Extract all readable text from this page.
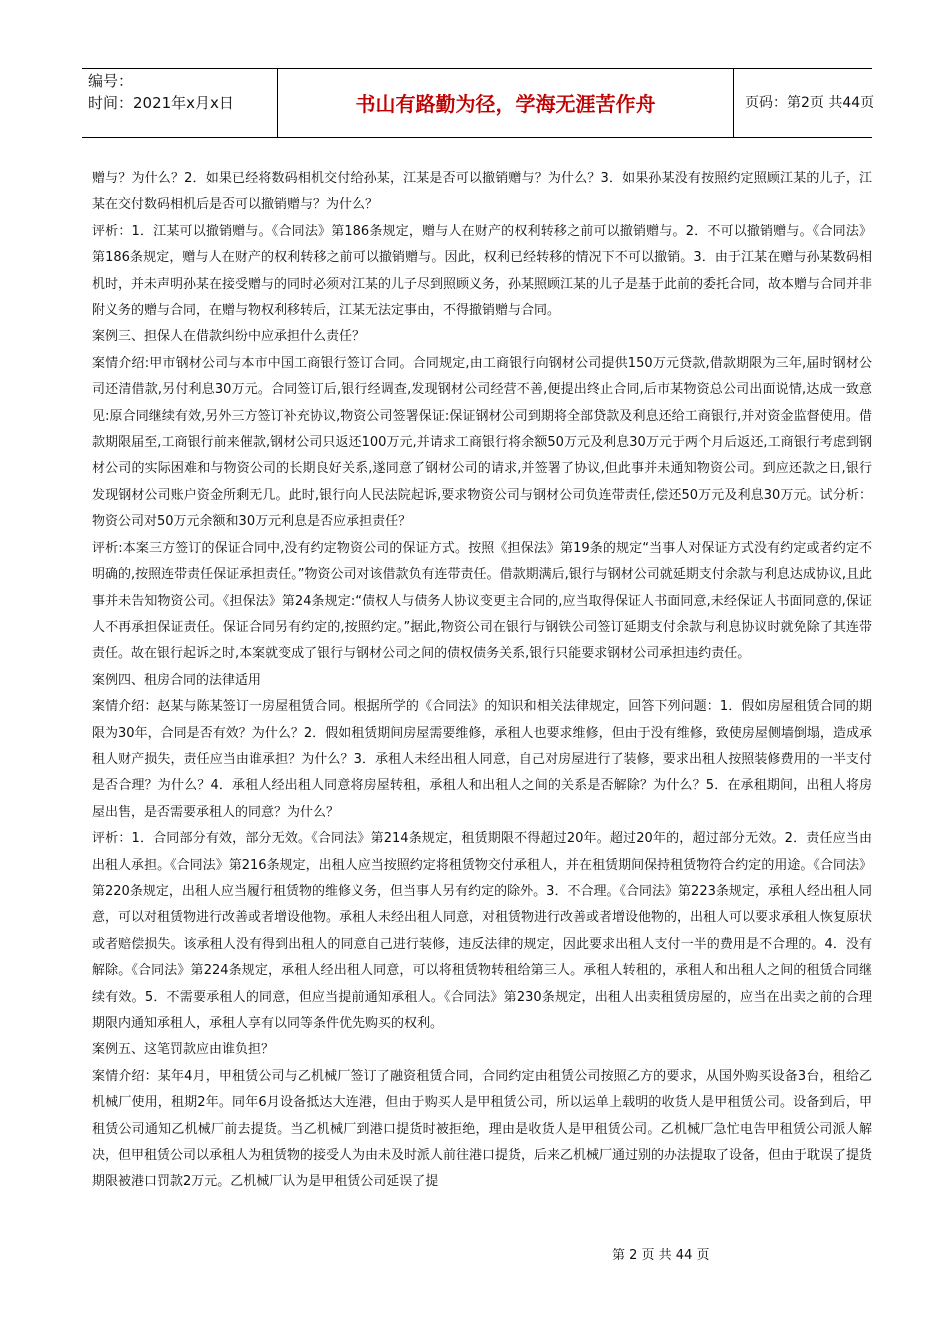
编号：
时间：2021年x月x日	书山有路勤为径，学海无涯苦作舟	页码：第2页 共44页

赠与？为什么？2．如果已经将数码相机交付给孙某，江某是否可以撤销赠与？为什么？3．如果孙某没有按照约定照顾江某的儿子，江某在交付数码相机后是否可以撤销赠与？为什么？

评析：1．江某可以撤销赠与。《合同法》第186条规定，赠与人在财产的权利转移之前可以撤销赠与。2．不可以撤销赠与。《合同法》第186条规定，赠与人在财产的权利转移之前可以撤销赠与。因此，权利已经转移的情况下不可以撤销。3．由于江某在赠与孙某数码相机时，并未声明孙某在接受赠与的同时必须对江某的儿子尽到照顾义务，孙某照顾江某的儿子是基于此前的委托合同，故本赠与合同并非附义务的赠与合同，在赠与物权利移转后，江某无法定事由，不得撤销赠与合同。

案例三、担保人在借款纠纷中应承担什么责任？

案情介绍:甲市钢材公司与本市中国工商银行签订合同。合同规定,由工商银行向钢材公司提供150万元贷款,借款期限为三年,届时钢材公司还清借款,另付利息30万元。合同签订后,银行经调查,发现钢材公司经营不善,便提出终止合同,后市某物资总公司出面说情,达成一致意见:原合同继续有效,另外三方签订补充协议,物资公司签署保证:保证钢材公司到期将全部贷款及利息还给工商银行,并对资金监督使用。借款期限届至,工商银行前来催款,钢材公司只返还100万元,并请求工商银行将余额50万元及利息30万元于两个月后返还,工商银行考虑到钢材公司的实际困难和与物资公司的长期良好关系,遂同意了钢材公司的请求,并签署了协议,但此事并未通知物资公司。到应还款之日,银行发现钢材公司账户资金所剩无几。此时,银行向人民法院起诉,要求物资公司与钢材公司负连带责任,偿还50万元及利息30万元。试分析：物资公司对50万元余额和30万元利息是否应承担责任？

评析:本案三方签订的保证合同中,没有约定物资公司的保证方式。按照《担保法》第19条的规定“当事人对保证方式没有约定或者约定不明确的,按照连带责任保证承担责任。”物资公司对该借款负有连带责任。借款期满后,银行与钢材公司就延期支付余款与利息达成协议,且此事并未告知物资公司。《担保法》第24条规定:“债权人与债务人协议变更主合同的,应当取得保证人书面同意,未经保证人书面同意的,保证人不再承担保证责任。保证合同另有约定的,按照约定。”据此,物资公司在银行与钢铁公司签订延期支付余款与利息协议时就免除了其连带责任。故在银行起诉之时,本案就变成了银行与钢材公司之间的债权债务关系,银行只能要求钢材公司承担违约责任。

案例四、租房合同的法律适用

案情介绍：赵某与陈某签订一房屋租赁合同。根据所学的《合同法》的知识和相关法律规定，回答下列问题：1．假如房屋租赁合同的期限为30年，合同是否有效？为什么？2．假如租赁期间房屋需要维修，承租人也要求维修，但由于没有维修，致使房屋侧墙倒塌，造成承租人财产损失，责任应当由谁承担？为什么？3．承租人未经出租人同意，自己对房屋进行了装修，要求出租人按照装修费用的一半支付是否合理？为什么？4．承租人经出租人同意将房屋转租，承租人和出租人之间的关系是否解除？为什么？5．在承租期间，出租人将房屋出售，是否需要承租人的同意？为什么？

评析：1．合同部分有效，部分无效。《合同法》第214条规定，租赁期限不得超过20年。超过20年的，超过部分无效。2．责任应当由出租人承担。《合同法》第216条规定，出租人应当按照约定将租赁物交付承租人，并在租赁期间保持租赁物符合约定的用途。《合同法》第220条规定，出租人应当履行租赁物的维修义务，但当事人另有约定的除外。3．不合理。《合同法》第223条规定，承租人经出租人同意，可以对租赁物进行改善或者增设他物。承租人未经出租人同意，对租赁物进行改善或者增设他物的，出租人可以要求承租人恢复原状或者赔偿损失。该承租人没有得到出租人的同意自己进行装修，违反法律的规定，因此要求出租人支付一半的费用是不合理的。4．没有解除。《合同法》第224条规定，承租人经出租人同意，可以将租赁物转租给第三人。承租人转租的，承租人和出租人之间的租赁合同继续有效。5．不需要承租人的同意，但应当提前通知承租人。《合同法》第230条规定，出租人出卖租赁房屋的，应当在出卖之前的合理期限内通知承租人，承租人享有以同等条件优先购买的权利。

案例五、这笔罚款应由谁负担？

案情介绍：某年4月，甲租赁公司与乙机械厂签订了融资租赁合同，合同约定由租赁公司按照乙方的要求，从国外购买设备3台，租给乙机械厂使用，租期2年。同年6月设备抵达大连港，但由于购买人是甲租赁公司，所以运单上载明的收货人是甲租赁公司。设备到后，甲租赁公司通知乙机械厂前去提货。当乙机械厂到港口提货时被拒绝，理由是收货人是甲租赁公司。乙机械厂急忙电告甲租赁公司派人解决，但甲租赁公司以承租人为租赁物的接受人为由未及时派人前往港口提货，后来乙机械厂通过别的办法提取了设备，但由于耽误了提货期限被港口罚款2万元。乙机械厂认为是甲租赁公司延误了提

第 2 页 共 44 页
